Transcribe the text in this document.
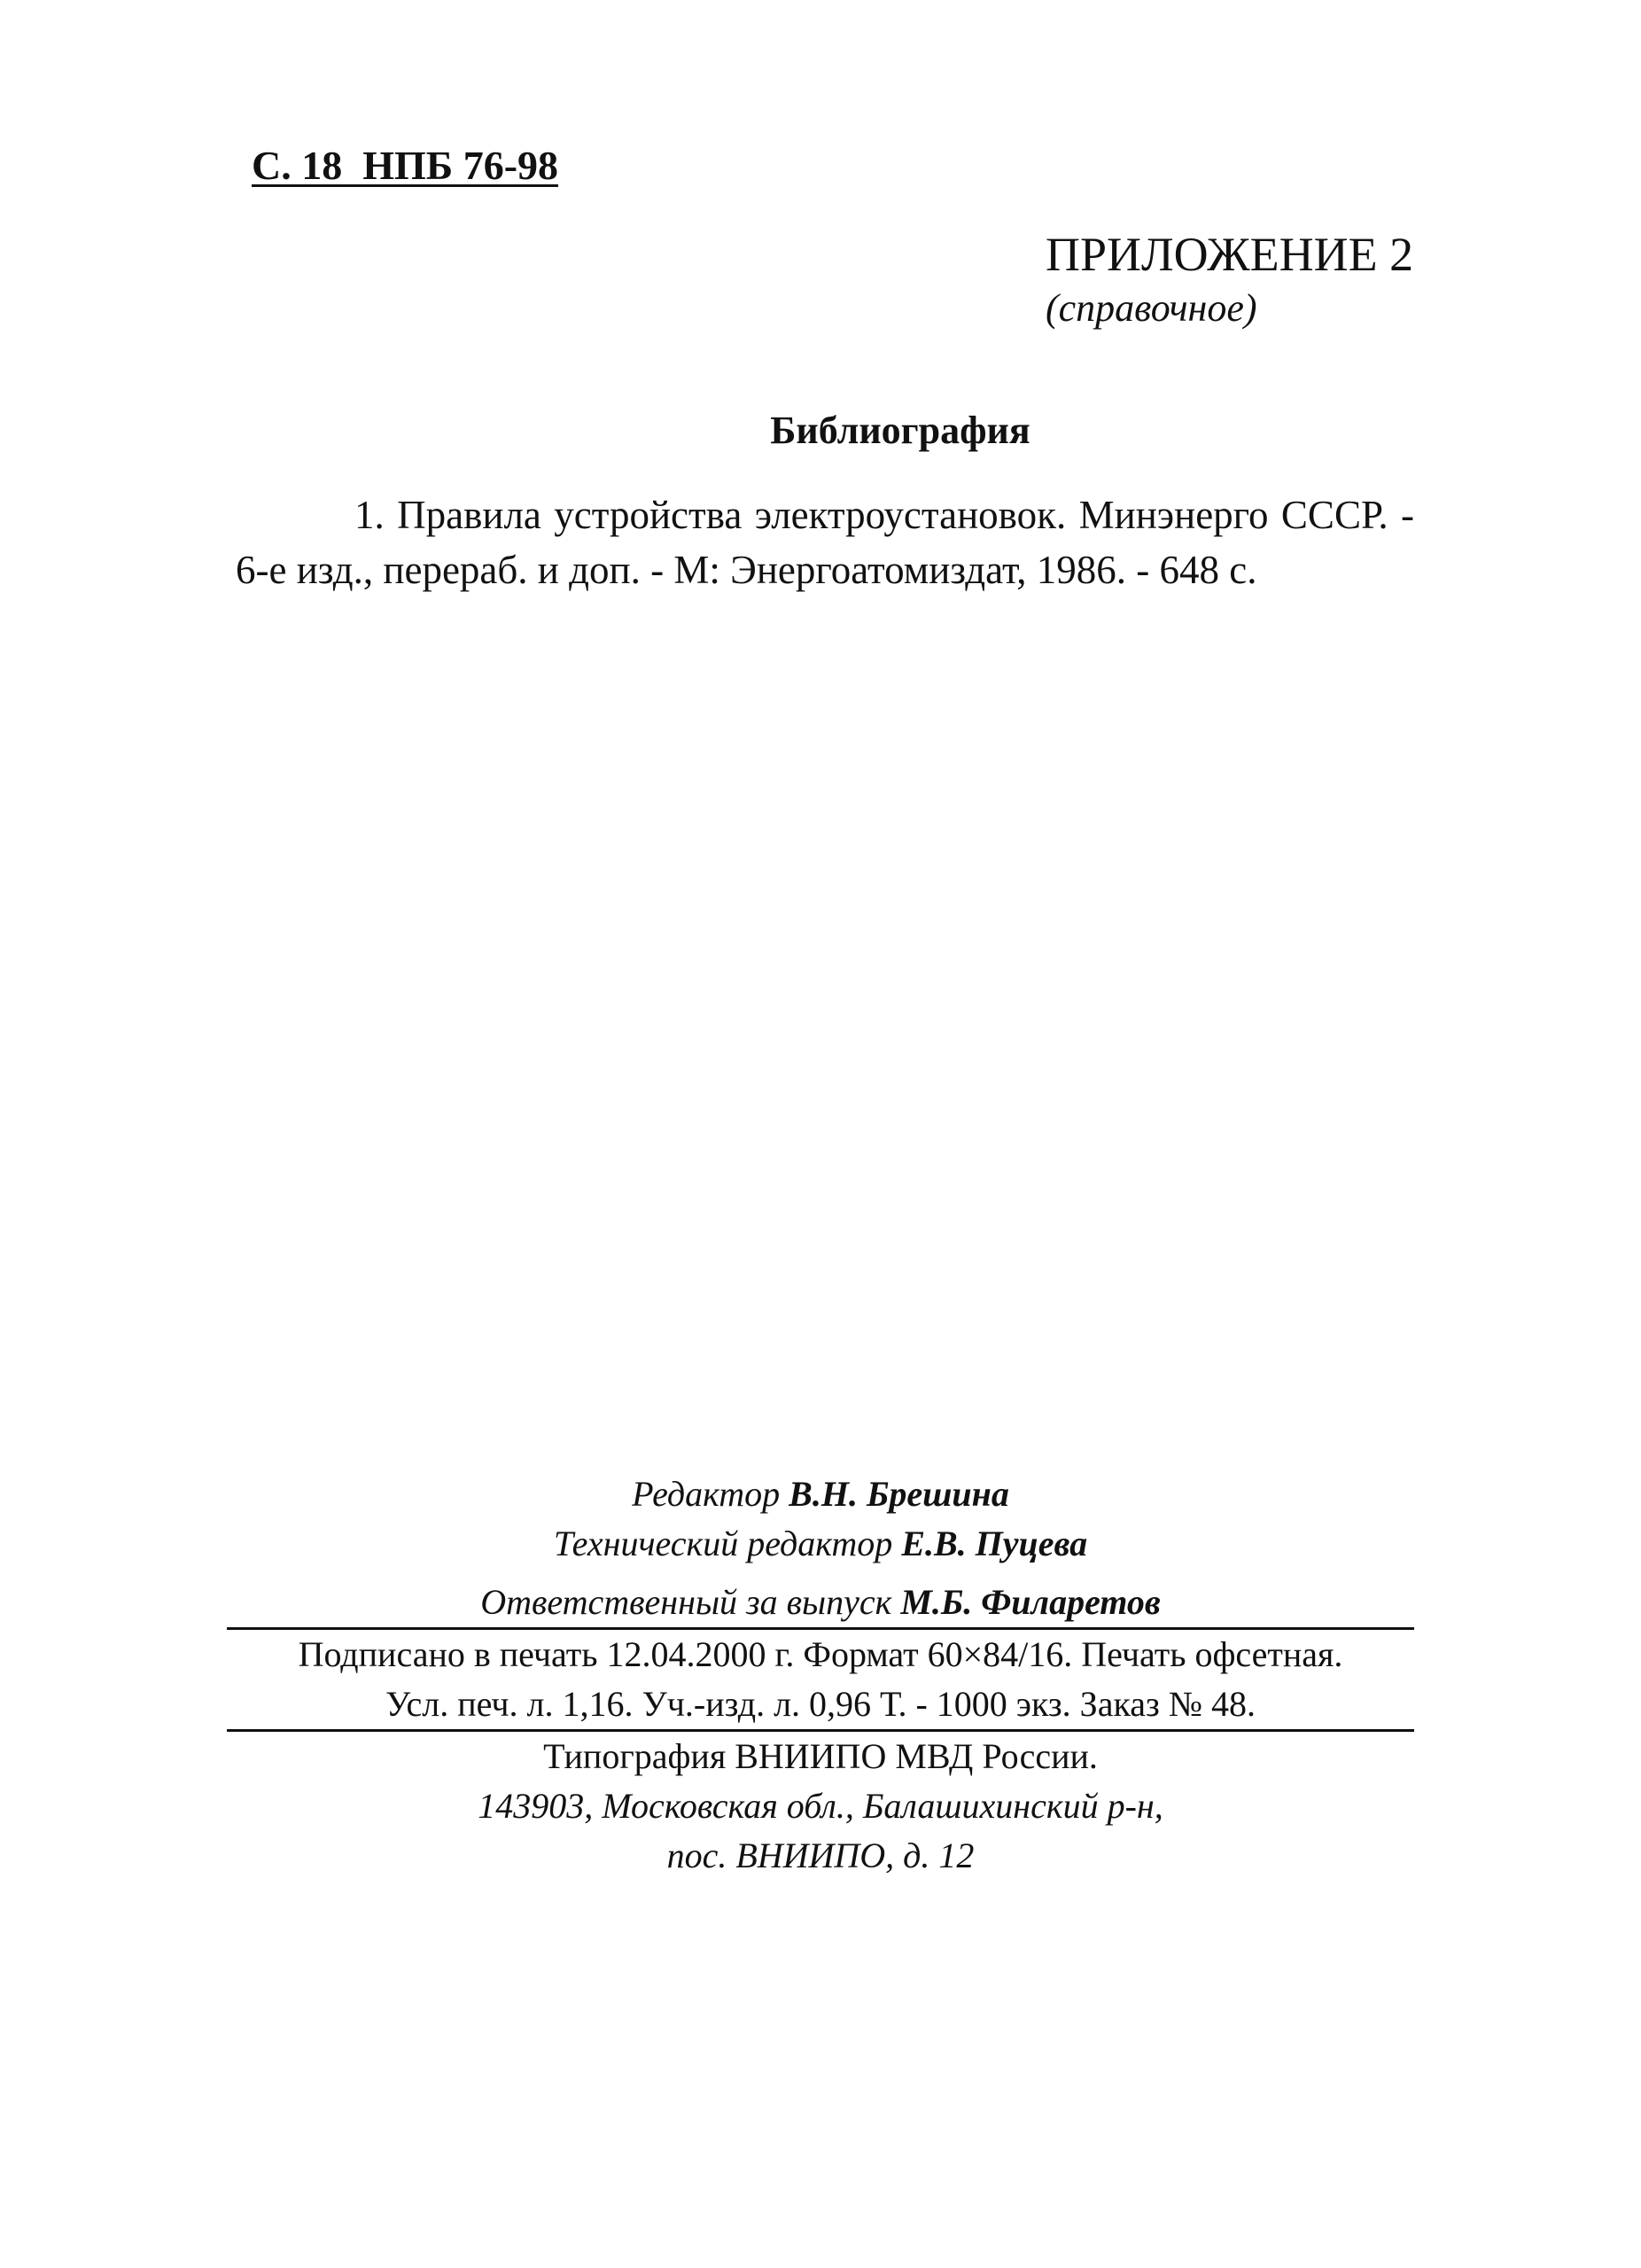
С. 18  НПБ 76-98
ПРИЛОЖЕНИЕ 2
(справочное)
Библиография
1. Правила устройства электроустановок. Минэнерго СССР. - 6-е изд., перераб. и доп. - М: Энергоатомиздат, 1986. - 648 с.
Редактор В.Н. Брешина
Технический редактор Е.В. Пуцева
Ответственный за выпуск М.Б. Филаретов
Подписано в печать 12.04.2000 г. Формат 60×84/16. Печать офсетная.
Усл. печ. л. 1,16. Уч.-изд. л. 0,96 Т. - 1000 экз. Заказ № 48.
Типография ВНИИПО МВД России.
143903, Московская обл., Балашихинский р-н,
пос. ВНИИПО, д. 12
